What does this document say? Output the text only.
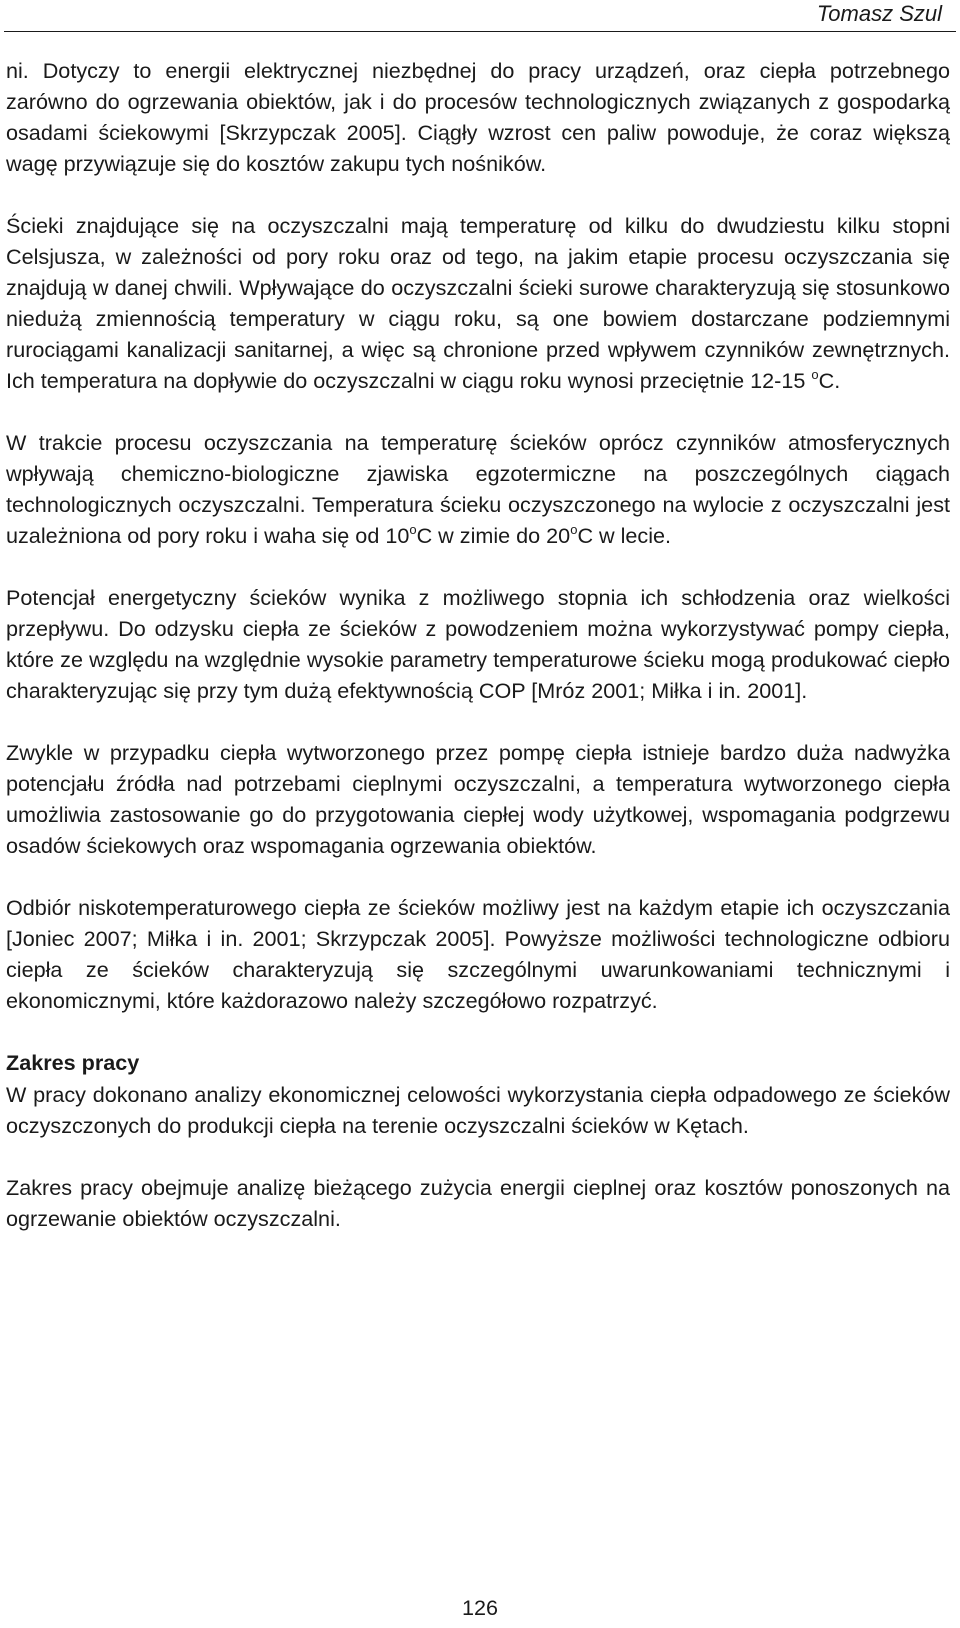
Tomasz Szul

ni. Dotyczy to energii elektrycznej niezbędnej do pracy urządzeń, oraz ciepła potrzebnego zarówno do ogrzewania obiektów, jak i do procesów technologicznych związanych z gospodarką osadami ściekowymi [Skrzypczak 2005]. Ciągły wzrost cen paliw powoduje, że coraz większą wagę przywiązuje się do kosztów zakupu tych nośników.

Ścieki znajdujące się na oczyszczalni mają temperaturę od kilku do dwudziestu kilku stopni Celsjusza, w zależności od pory roku oraz od tego, na jakim etapie procesu oczyszczania się znajdują w danej chwili. Wpływające do oczyszczalni ścieki surowe charakteryzują się stosunkowo niedużą zmiennością temperatury w ciągu roku, są one bowiem dostarczane podziemnymi rurociągami kanalizacji sanitarnej, a więc są chronione przed wpływem czynników zewnętrznych. Ich temperatura na dopływie do oczyszczalni w ciągu roku wynosi przeciętnie 12-15 $^o$C.

W trakcie procesu oczyszczania na temperaturę ścieków oprócz czynników atmosferycznych wpływają chemiczno-biologiczne zjawiska egzotermiczne na poszczególnych ciągach technologicznych oczyszczalni. Temperatura ścieku oczyszczonego na wylocie z oczyszczalni jest uzależniona od pory roku i waha się od 10$^o$C w zimie do 20$^o$C w lecie.

Potencjał energetyczny ścieków wynika z możliwego stopnia ich schłodzenia oraz wielkości przepływu. Do odzysku ciepła ze ścieków z powodzeniem można wykorzystywać pompy ciepła, które ze względu na względnie wysokie parametry temperaturowe ścieku mogą produkować ciepło charakteryzując się przy tym dużą efektywnością COP [Mróz 2001; Miłka i in. 2001].

Zwykle w przypadku ciepła wytworzonego przez pompę ciepła istnieje bardzo duża nadwyżka potencjału źródła nad potrzebami cieplnymi oczyszczalni, a temperatura wytworzonego ciepła umożliwia zastosowanie go do przygotowania ciepłej wody użytkowej, wspomagania podgrzewu osadów ściekowych oraz wspomagania ogrzewania obiektów.

Odbiór niskotemperaturowego ciepła ze ścieków możliwy jest na każdym etapie ich oczyszczania [Joniec 2007; Miłka i in. 2001; Skrzypczak 2005]. Powyższe możliwości technologiczne odbioru ciepła ze ścieków charakteryzują się szczególnymi uwarunkowaniami technicznymi i ekonomicznymi, które każdorazowo należy szczegółowo rozpatrzyć.

Zakres pracy

W pracy dokonano analizy ekonomicznej celowości wykorzystania ciepła odpadowego ze ścieków oczyszczonych do produkcji ciepła na terenie oczyszczalni ścieków w Kętach.

Zakres pracy obejmuje analizę bieżącego zużycia energii cieplnej oraz kosztów ponoszonych na ogrzewanie obiektów oczyszczalni.

126
